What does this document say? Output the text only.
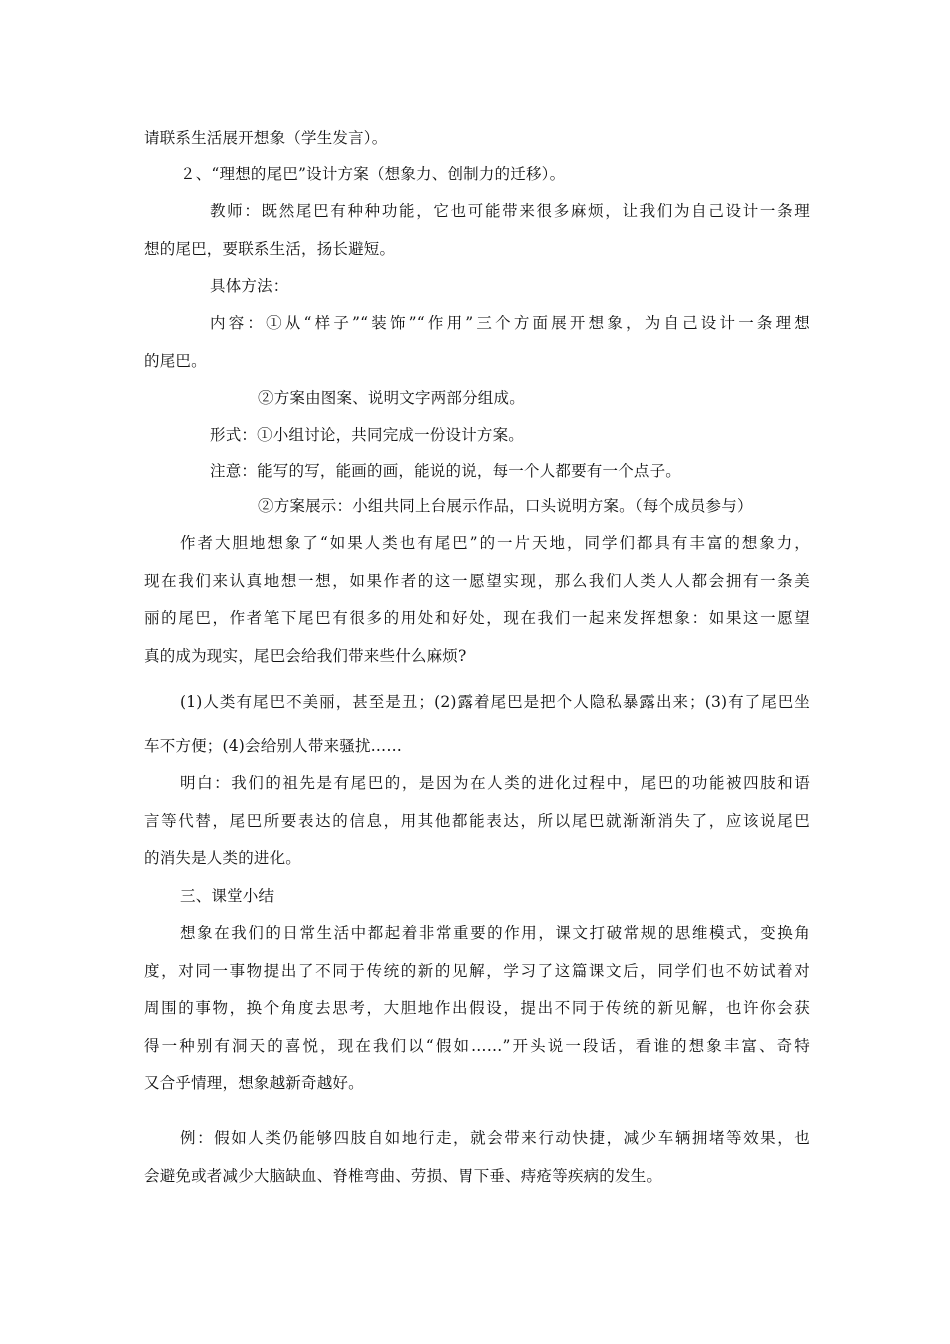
请联系生活展开想象（学生发言）。
２、“理想的尾巴”设计方案（想象力、创制力的迁移）。
教师：既然尾巴有种种功能，它也可能带来很多麻烦，让我们为自己设计一条理
想的尾巴，要联系生活，扬长避短。
具体方法：
内容：①从“样子”“装饰”“作用”三个方面展开想象，为自己设计一条理想
的尾巴。
②方案由图案、说明文字两部分组成。
形式：①小组讨论，共同完成一份设计方案。
注意：能写的写，能画的画，能说的说，每一个人都要有一个点子。
②方案展示：小组共同上台展示作品，口头说明方案。（每个成员参与）
作者大胆地想象了“如果人类也有尾巴”的一片天地，同学们都具有丰富的想象力，
现在我们来认真地想一想，如果作者的这一愿望实现，那么我们人类人人都会拥有一条美
丽的尾巴，作者笔下尾巴有很多的用处和好处，现在我们一起来发挥想象：如果这一愿望
真的成为现实，尾巴会给我们带来些什么麻烦?
(1)人类有尾巴不美丽，甚至是丑；(2)露着尾巴是把个人隐私暴露出来；(3)有了尾巴坐
车不方便；(4)会给别人带来骚扰……
明白：我们的祖先是有尾巴的，是因为在人类的进化过程中，尾巴的功能被四肢和语
言等代替，尾巴所要表达的信息，用其他都能表达，所以尾巴就渐渐消失了，应该说尾巴
的消失是人类的进化。
三、课堂小结
想象在我们的日常生活中都起着非常重要的作用，课文打破常规的思维模式，变换角
度，对同一事物提出了不同于传统的新的见解，学习了这篇课文后，同学们也不妨试着对
周围的事物，换个角度去思考，大胆地作出假设，提出不同于传统的新见解，也许你会获
得一种别有洞天的喜悦，现在我们以“假如……”开头说一段话，看谁的想象丰富、奇特
又合乎情理，想象越新奇越好。
例：假如人类仍能够四肢自如地行走，就会带来行动快捷，减少车辆拥堵等效果，也
会避免或者减少大脑缺血、脊椎弯曲、劳损、胃下垂、痔疮等疾病的发生。
